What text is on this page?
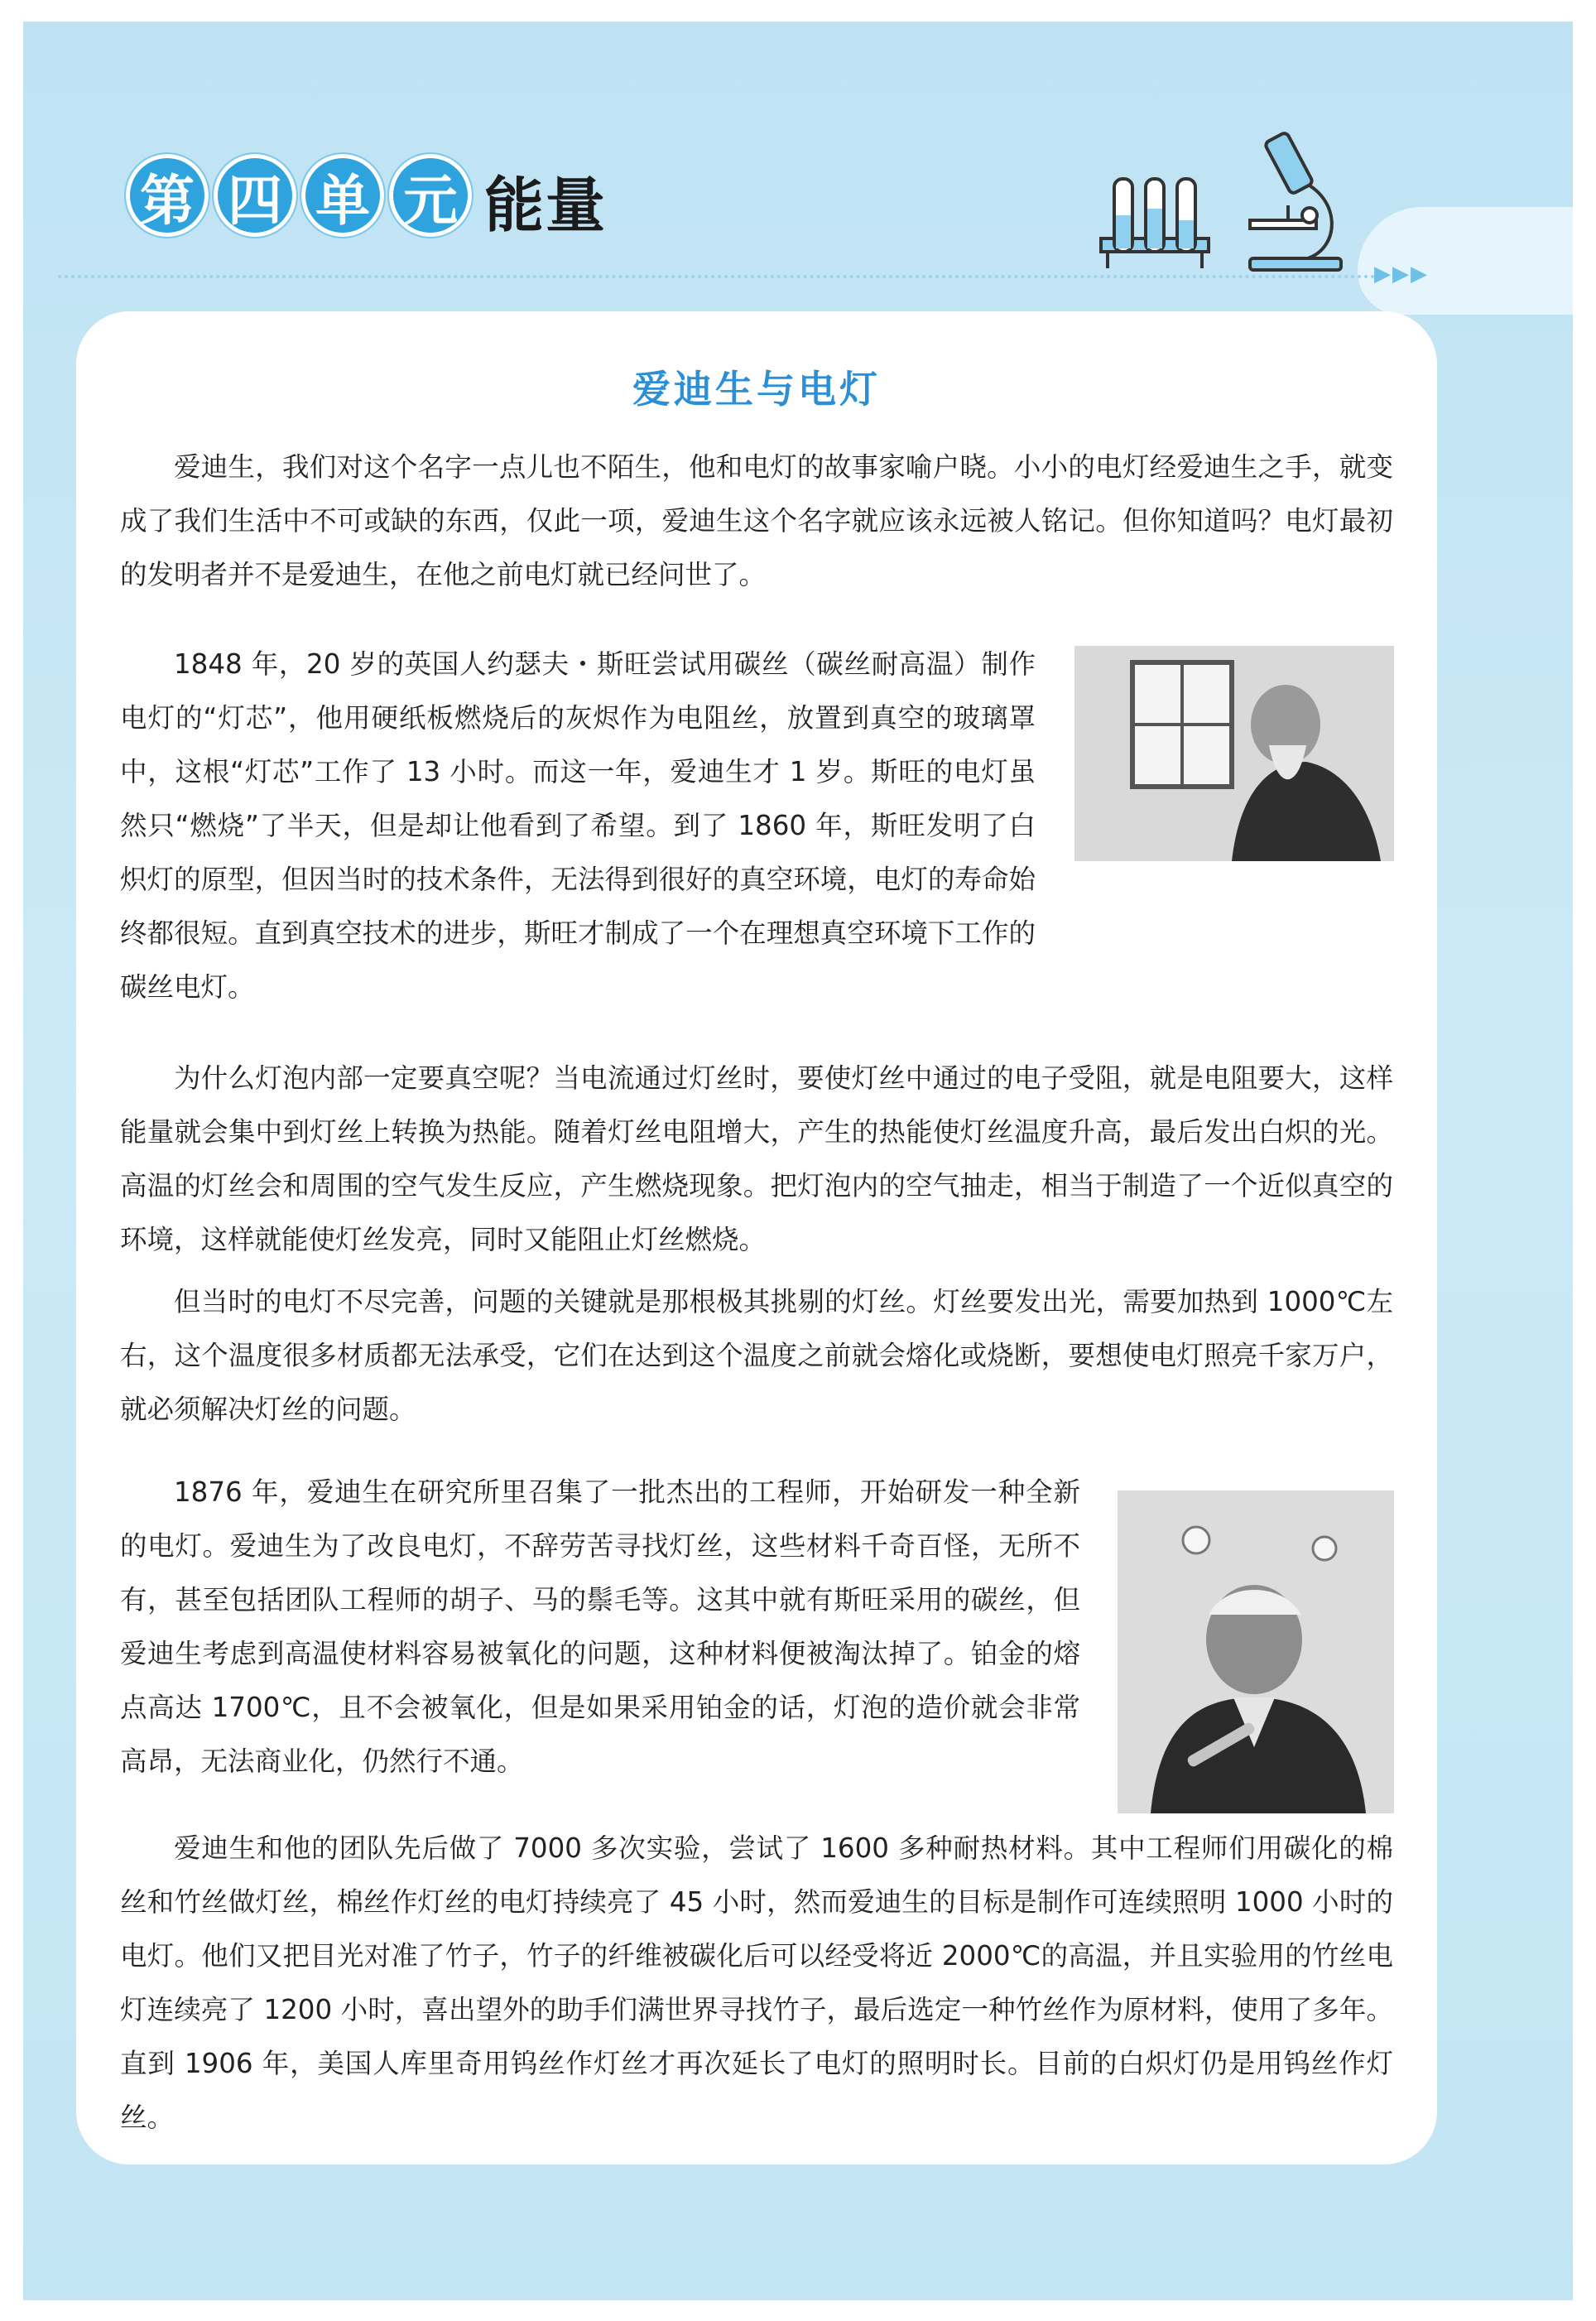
第 四 单 元 能量
▶▶▶
爱迪生与电灯

爱迪生，我们对这个名字一点儿也不陌生，他和电灯的故事家喻户晓。小小的电灯经爱迪生之手，就变成了我们生活中不可或缺的东西，仅此一项，爱迪生这个名字就应该永远被人铭记。但你知道吗？电灯最初的发明者并不是爱迪生，在他之前电灯就已经问世了。

1848 年，20 岁的英国人约瑟夫・斯旺尝试用碳丝（碳丝耐高温）制作电灯的“灯芯”，他用硬纸板燃烧后的灰烬作为电阻丝，放置到真空的玻璃罩中，这根“灯芯”工作了 13 小时。而这一年，爱迪生才 1 岁。斯旺的电灯虽然只“燃烧”了半天，但是却让他看到了希望。到了 1860 年，斯旺发明了白炽灯的原型，但因当时的技术条件，无法得到很好的真空环境，电灯的寿命始终都很短。直到真空技术的进步，斯旺才制成了一个在理想真空环境下工作的碳丝电灯。

为什么灯泡内部一定要真空呢？当电流通过灯丝时，要使灯丝中通过的电子受阻，就是电阻要大，这样能量就会集中到灯丝上转换为热能。随着灯丝电阻增大，产生的热能使灯丝温度升高，最后发出白炽的光。高温的灯丝会和周围的空气发生反应，产生燃烧现象。把灯泡内的空气抽走，相当于制造了一个近似真空的环境，这样就能使灯丝发亮，同时又能阻止灯丝燃烧。

但当时的电灯不尽完善，问题的关键就是那根极其挑剔的灯丝。灯丝要发出光，需要加热到 1000℃左右，这个温度很多材质都无法承受，它们在达到这个温度之前就会熔化或烧断，要想使电灯照亮千家万户，就必须解决灯丝的问题。

1876 年，爱迪生在研究所里召集了一批杰出的工程师，开始研发一种全新的电灯。爱迪生为了改良电灯，不辞劳苦寻找灯丝，这些材料千奇百怪，无所不有，甚至包括团队工程师的胡子、马的鬃毛等。这其中就有斯旺采用的碳丝，但爱迪生考虑到高温使材料容易被氧化的问题，这种材料便被淘汰掉了。铂金的熔点高达 1700℃，且不会被氧化，但是如果采用铂金的话，灯泡的造价就会非常高昂，无法商业化，仍然行不通。

爱迪生和他的团队先后做了 7000 多次实验，尝试了 1600 多种耐热材料。其中工程师们用碳化的棉丝和竹丝做灯丝，棉丝作灯丝的电灯持续亮了 45 小时，然而爱迪生的目标是制作可连续照明 1000 小时的电灯。他们又把目光对准了竹子，竹子的纤维被碳化后可以经受将近 2000℃的高温，并且实验用的竹丝电灯连续亮了 1200 小时，喜出望外的助手们满世界寻找竹子，最后选定一种竹丝作为原材料，使用了多年。直到 1906 年，美国人库里奇用钨丝作灯丝才再次延长了电灯的照明时长。目前的白炽灯仍是用钨丝作灯丝。
